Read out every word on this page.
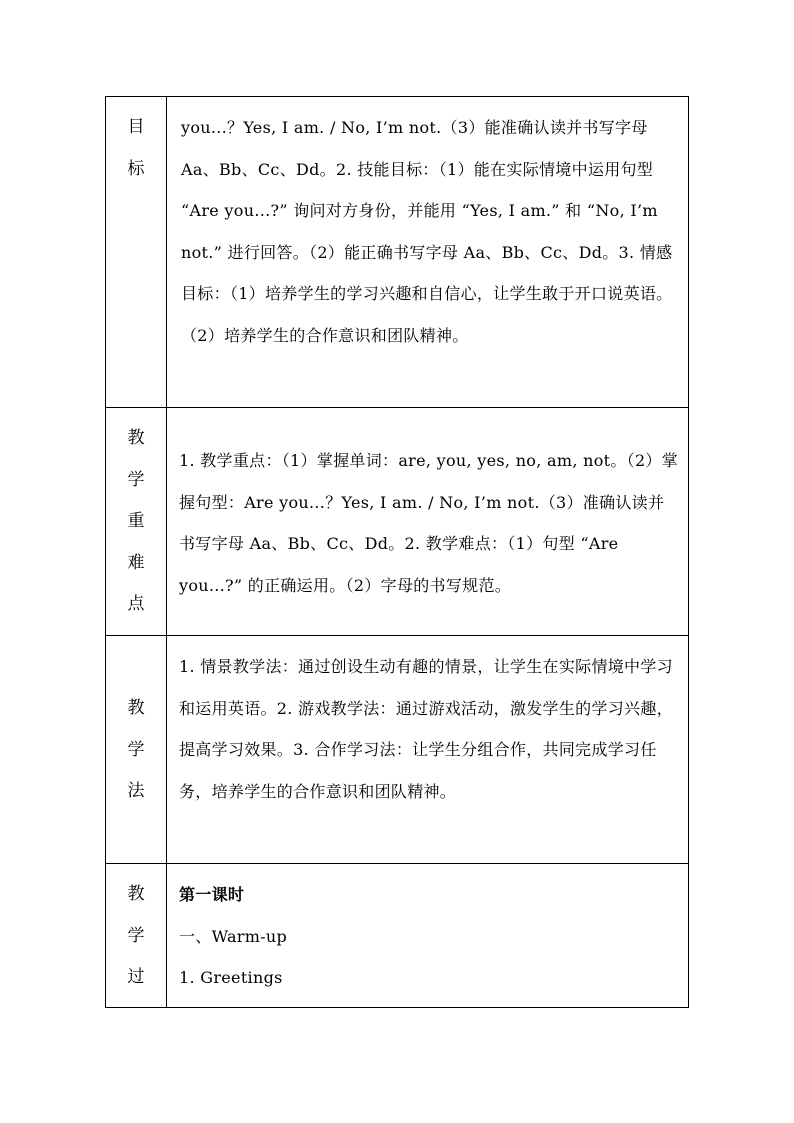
目
标	you...？Yes, I am. / No, I’m not.（3）能准确认读并书写字母 Aa、Bb、Cc、Dd。2. 技能目标：（1）能在实际情境中运用句型 “Are you...?” 询问对方身份，并能用 “Yes, I am.” 和 “No, I’m not.” 进行回答。（2）能正确书写字母 Aa、Bb、Cc、Dd。3. 情感目标：（1）培养学生的学习兴趣和自信心，让学生敢于开口说英语。（2）培养学生的合作意识和团队精神。

教
学
重
难
点	1. 教学重点：（1）掌握单词：are, you, yes, no, am, not。（2）掌握句型：Are you...？Yes, I am. / No, I’m not.（3）准确认读并书写字母 Aa、Bb、Cc、Dd。2. 教学难点：（1）句型 “Are you...?” 的正确运用。（2）字母的书写规范。

教
学
法	1. 情景教学法：通过创设生动有趣的情景，让学生在实际情境中学习和运用英语。2. 游戏教学法：通过游戏活动，激发学生的学习兴趣，提高学习效果。3. 合作学习法：让学生分组合作，共同完成学习任务，培养学生的合作意识和团队精神。

教
学
过	第一课时
一、Warm-up
1. Greetings
